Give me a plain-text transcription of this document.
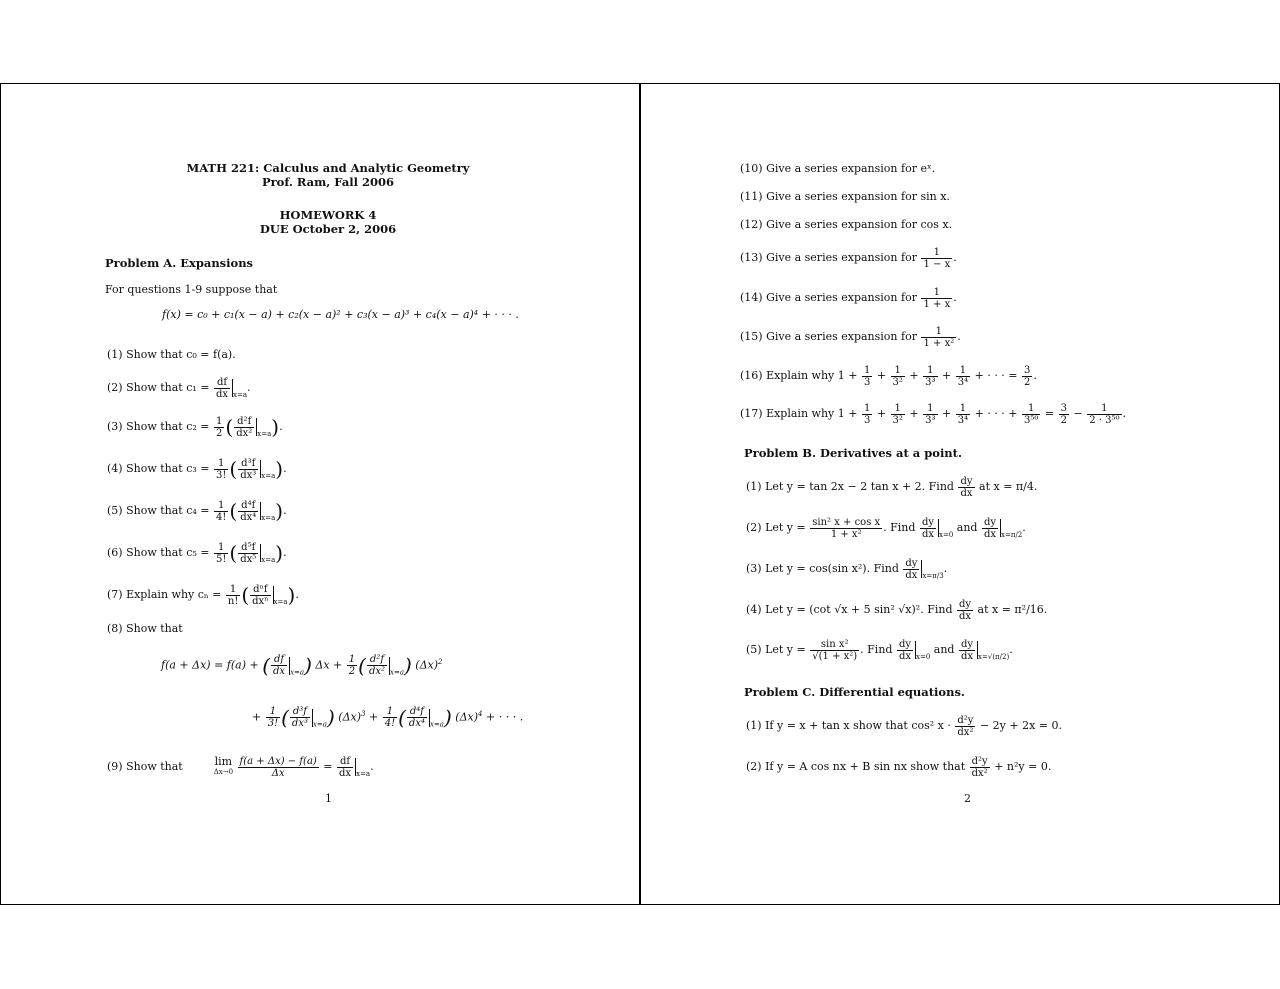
MATH 221: Calculus and Analytic Geometry
Prof. Ram, Fall 2006
HOMEWORK 4
DUE October 2, 2006
Problem A. Expansions
For questions 1-9 suppose that
f(x) = c₀ + c₁(x − a) + c₂(x − a)² + c₃(x − a)³ + c₄(x − a)⁴ + · · · .
(1) Show that c₀ = f(a).
(2) Show that $c_1 = \frac{df}{dx} _{x=a}$.
(3) Show that $c_2 = \frac{1}{2}$ ( $\frac{\text{d²f}}{\text{dx²}} _{x=a}$).
(4) Show that $c_3 = \frac{1}{3!}$ ( $\frac{\text{d³f}}{\text{dx³}} _{x=a}$).
(5) Show that $c_4 = \frac{1}{4!}$ ( $\frac{\text{d⁴f}}{\text{dx⁴}} _{x=a}$).
(6) Show that $c_5 = \frac{1}{5!}$ ( $\frac{\text{d⁵f}}{\text{dx⁵}} _{x=a}$).
(7) Explain why $c_n = \frac{1}{n!}$ ( $\frac{\text{dⁿf}}{\text{dxⁿ}} _{x=a}$).
(8) Show that
f(a + Δx) = f(a) + ( $\frac{df}{dx} _{x=a}$) $\Delta x + \frac{1}{2}$ ( $\frac{\text{d²f}}{\text{dx²}} _{x=a}$) $(\Delta x)^2$
+ $\frac{1}{3!}$ ( $\frac{\text{d³f}}{\text{dx³}} _{x=a}$) $(\Delta x)^3 + \frac{1}{4!}$ ( $\frac{\text{d⁴f}}{\text{dx⁴}} _{x=a}$) $(\Delta x)^4$ + · · · .
(9) Show that	lim
Δx→0
$\frac{f(a + \Delta x) - f(a)}{\Delta x} = \frac{df}{dx} _{x=a}$.
1
(10) Give a series expansion for eˣ.
(11) Give a series expansion for sin x.
(12) Give a series expansion for cos x.
(13) Give a series expansion for $\frac{1}{1 - x}$ .
(14) Give a series expansion for $\frac{1}{1 + x}$ .
(15) Give a series expansion for $\frac{1}{\text{1 + x²}}$ .
(16) Explain why $1 + \frac{1}{3} + \frac{1}{\text{3²}} + \frac{1}{\text{3³}} + \frac{1}{\text{3⁴}}$ + · · · = $\frac{3}{2}$ .
(17) Explain why $1 + \frac{1}{3} + \frac{1}{\text{3²}} + \frac{1}{\text{3³}} + \frac{1}{\text{3⁴}}$ + · · · + $\frac{1}{\text{3⁵⁰}} = \frac{3}{2} - \frac{1}{\text{2 · 3⁵⁰}}$ .
Problem B. Derivatives at a point.
(1) Let y = tan 2x − 2 tan x + 2. Find $\frac{dy}{dx}$ at x = π/4.
(2) Let $y = \frac{\text{sin² x + cos x}}{\text{1 + x²}}$ . Find $\frac{dy}{dx} _{x=0}$ and $\frac{dy}{dx} _{x=\pi/2}$.
(3) Let y = cos(sin x²). Find $\frac{dy}{dx} _{x=\pi/3}$.
(4) Let y = (cot √x + 5 sin² √x)². Find $\frac{dy}{dx}$ at x = π²/16.
(5) Let $y = \frac{\text{sin x²}}{\text{√(1 + x²)}}$ . Find $\frac{dy}{dx} _{x=0}$ and $\frac{dy}{dx} _{x=√(\pi/2)}$.
Problem C. Differential equations.
(1) If y = x + tan x show that cos² $x \cdot \frac{\text{d²y}}{\text{dx²}} - 2y + 2x = 0$.
(2) If y = A cos nx + B sin nx show that $\frac{\text{d²y}}{\text{dx²}} + n^2y = 0$.
2
